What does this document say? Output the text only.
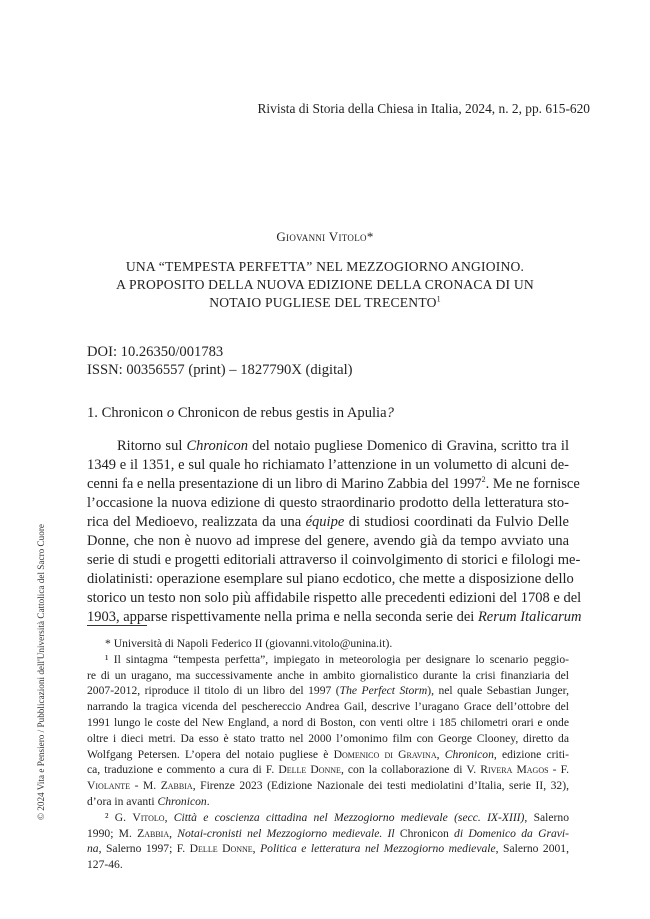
Rivista di Storia della Chiesa in Italia, 2024, n. 2, pp. 615-620
Giovanni Vitolo*
UNA “TEMPESTA PERFETTA” NEL MEZZOGIORNO ANGIOINO.
A PROPOSITO DELLA NUOVA EDIZIONE DELLA CRONACA DI UN
NOTAIO PUGLIESE DEL TRECENTO$^1$
DOI: 10.26350/001783
ISSN: 00356557 (print) – 1827790X (digital)
1. Chronicon o Chronicon de rebus gestis in Apulia?
Ritorno sul Chronicon del notaio pugliese Domenico di Gravina, scritto tra il
1349 e il 1351, e sul quale ho richiamato l’attenzione in un volumetto di alcuni de-
cenni fa e nella presentazione di un libro di Marino Zabbia del 1997$^2$. Me ne fornisce
l’occasione la nuova edizione di questo straordinario prodotto della letteratura sto-
rica del Medioevo, realizzata da una équipe di studiosi coordinati da Fulvio Delle
Donne, che non è nuovo ad imprese del genere, avendo già da tempo avviato una
serie di studi e progetti editoriali attraverso il coinvolgimento di storici e filologi me-
diolatinisti: operazione esemplare sul piano ecdotico, che mette a disposizione dello
storico un testo non solo più affidabile rispetto alle precedenti edizioni del 1708 e del
1903, apparse rispettivamente nella prima e nella seconda serie dei Rerum Italicarum
* Università di Napoli Federico II (giovanni.vitolo@unina.it).
¹ Il sintagma “tempesta perfetta”, impiegato in meteorologia per designare lo scenario peggio-
re di un uragano, ma successivamente anche in ambito giornalistico durante la crisi finanziaria del
2007-2012, riproduce il titolo di un libro del 1997 (The Perfect Storm), nel quale Sebastian Junger,
narrando la tragica vicenda del peschereccio Andrea Gail, descrive l’uragano Grace dell’ottobre del
1991 lungo le coste del New England, a nord di Boston, con venti oltre i 185 chilometri orari e onde
oltre i dieci metri. Da esso è stato tratto nel 2000 l’omonimo film con George Clooney, diretto da
Wolfgang Petersen. L’opera del notaio pugliese è Domenico di Gravina, Chronicon, edizione criti-
ca, traduzione e commento a cura di F. Delle Donne, con la collaborazione di V. Rivera Magos - F.
Violante - M. Zabbia, Firenze 2023 (Edizione Nazionale dei testi mediolatini d’Italia, serie II, 32),
d’ora in avanti Chronicon.
² G. Vitolo, Città e coscienza cittadina nel Mezzogiorno medievale (secc. IX-XIII), Salerno
1990; M. Zabbia, Notai-cronisti nel Mezzogiorno medievale. Il Chronicon di Domenico da Gravi-
na, Salerno 1997; F. Delle Donne, Politica e letteratura nel Mezzogiorno medievale, Salerno 2001,
127-46.
© 2024 Vita e Pensiero / Pubblicazioni dell'Università Cattolica del Sacro Cuore
